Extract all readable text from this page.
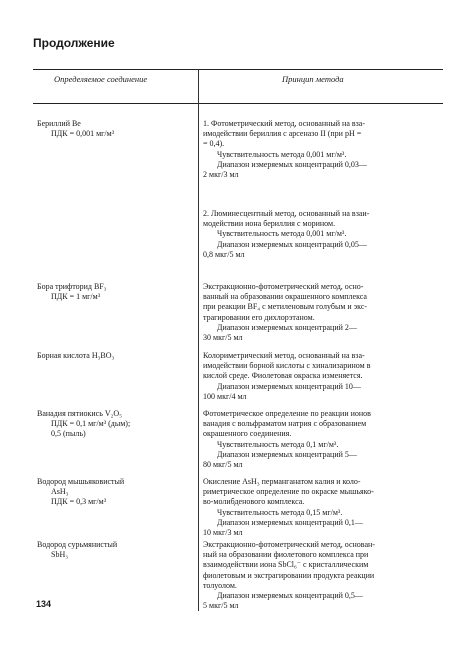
Продолжение
Определяемое соединение	Принцип метода
Бериллий Ве
ПДК = 0,001 мг/м³
1. Фотометрический метод, основанный на вза-
имодействии бериллия с арсеназо II (при рН =
= 0,4).
Чувствительность метода 0,001 мг/м³.
Диапазон измеряемых концентраций 0,03—
2 мкг/3 мл
2. Люминесцентный метод, основанный на взаи-
модействии иона бериллия с морином.
Чувствительность метода 0,001 мг/м³.
Диапазон измеряемых концентраций 0,05—
0,8 мкг/5 мл
Бора трифторид BF₃
ПДК = 1 мг/м³
Экстракционно-фотометрический метод, осно-
ванный на образовании окрашенного комплекса
при реакции BF₄ с метиленовым голубым и экс-
трагировании его дихлорэтаном.
Диапазон измеряемых концентраций 2—
30 мкг/5 мл
Борная кислота H₃BO₃	Колориметрический метод, основанный на вза-
имодействии борной кислоты с хинализарином в
кислой среде. Фиолетовая окраска изменяется.
Диапазон измеряемых концентраций 10—
100 мкг/4 мл
Ванадия пятиокись V₂O₅
ПДК = 0,1 мг/м³ (дым);
0,5 (пыль)
Фотометрическое определение по реакции ионов
ванадия с вольфраматом натрия с образованием
окрашенного соединения.
Чувствительность метода 0,1 мг/м³.
Диапазон измеряемых концентраций 5—
80 мкг/5 мл
Водород мышьяковистый
AsH₃
ПДК = 0,3 мг/м³
Окисление AsH₃ перманганатом калия и коло-
риметрическое определение по окраске мышьяко-
во-молибденового комплекса.
Чувствительность метода 0,15 мг/м³.
Диапазон измеряемых концентраций 0,1—
10 мкг/3 мл
Водород сурьмянистый
SbH₃
Экстракционно-фотометрический метод, основан-
ный на образовании фиолетового комплекса при
взаимодействии иона SbCl₆⁻ с кристаллическим
фиолетовым и экстрагировании продукта реакции
толуолом.
Диапазон измеряемых концентраций 0,5—
5 мкг/5 мл
134
